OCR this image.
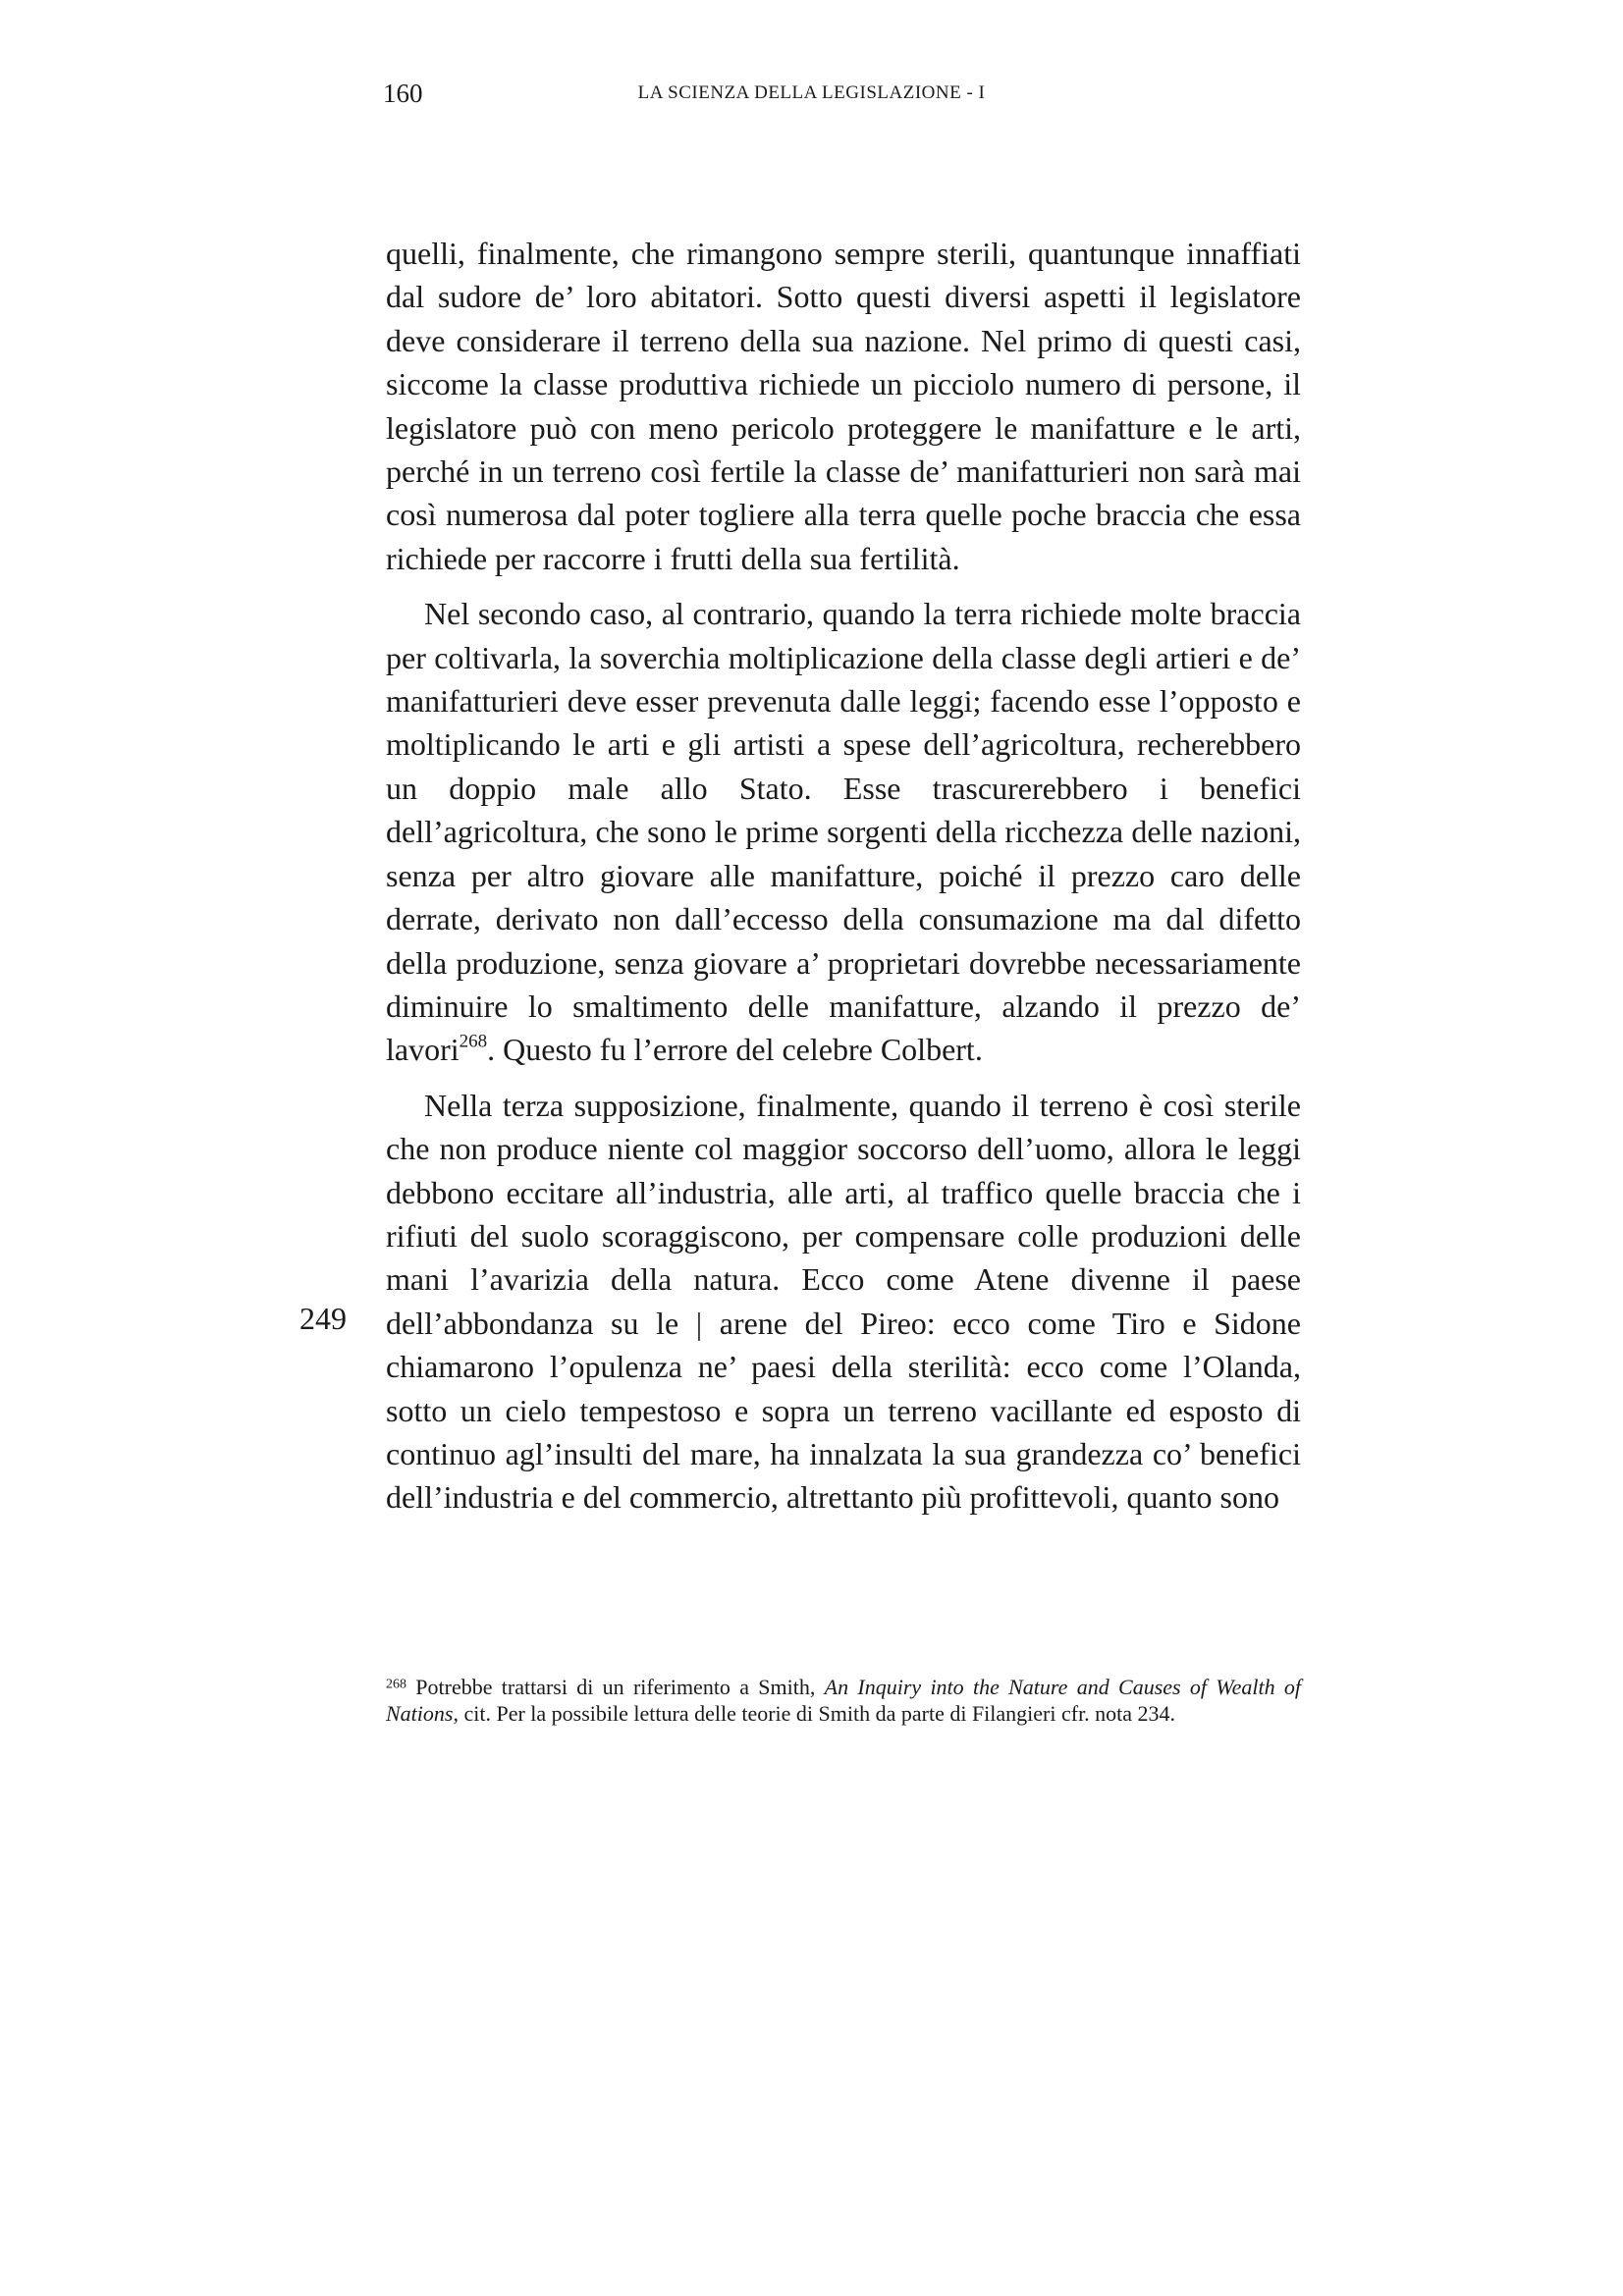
160	LA SCIENZA DELLA LEGISLAZIONE - I
249

quelli, finalmente, che rimangono sempre sterili, quantunque innaffiati dal sudore de’ loro abitatori. Sotto questi diversi aspetti il legislatore deve considerare il terreno della sua nazione. Nel primo di questi casi, siccome la classe produttiva richiede un picciolo numero di persone, il legislatore può con meno pericolo proteggere le manifatture e le arti, perché in un terreno così fertile la classe de’ manifatturieri non sarà mai così numerosa dal poter togliere alla terra quelle poche braccia che essa richiede per raccorre i frutti della sua fertilità.

Nel secondo caso, al contrario, quando la terra richiede molte braccia per coltivarla, la soverchia moltiplicazione della classe degli artieri e de’ manifatturieri deve esser prevenuta dalle leggi; facendo esse l’opposto e moltiplicando le arti e gli artisti a spese dell’agricoltura, recherebbero un doppio male allo Stato. Esse trascurerebbero i benefici dell’agricoltura, che sono le prime sorgenti della ricchezza delle nazioni, senza per altro giovare alle manifatture, poiché il prezzo caro delle derrate, derivato non dall’eccesso della consumazione ma dal difetto della produzione, senza giovare a’ proprietari dovrebbe necessariamente diminuire lo smaltimento delle manifatture, alzando il prezzo de’ lavori$^{268}$. Questo fu l’errore del celebre Colbert.

Nella terza supposizione, finalmente, quando il terreno è così sterile che non produce niente col maggior soccorso dell’uomo, allora le leggi debbono eccitare all’industria, alle arti, al traffico quelle braccia che i rifiuti del suolo scoraggiscono, per compensare colle produzioni delle mani l’avarizia della natura. Ecco come Atene divenne il paese dell’abbondanza su le | arene del Pireo: ecco come Tiro e Sidone chiamarono l’opulenza ne’ paesi della sterilità: ecco come l’Olanda, sotto un cielo tempestoso e sopra un terreno vacillante ed esposto di continuo agl’insulti del mare, ha innalzata la sua grandezza co’ benefici dell’industria e del commercio, altrettanto più profittevoli, quanto sono

$^{268}$ Potrebbe trattarsi di un riferimento a Smith, An Inquiry into the Nature and Causes of Wealth of Nations, cit. Per la possibile lettura delle teorie di Smith da parte di Filangieri cfr. nota 234.
